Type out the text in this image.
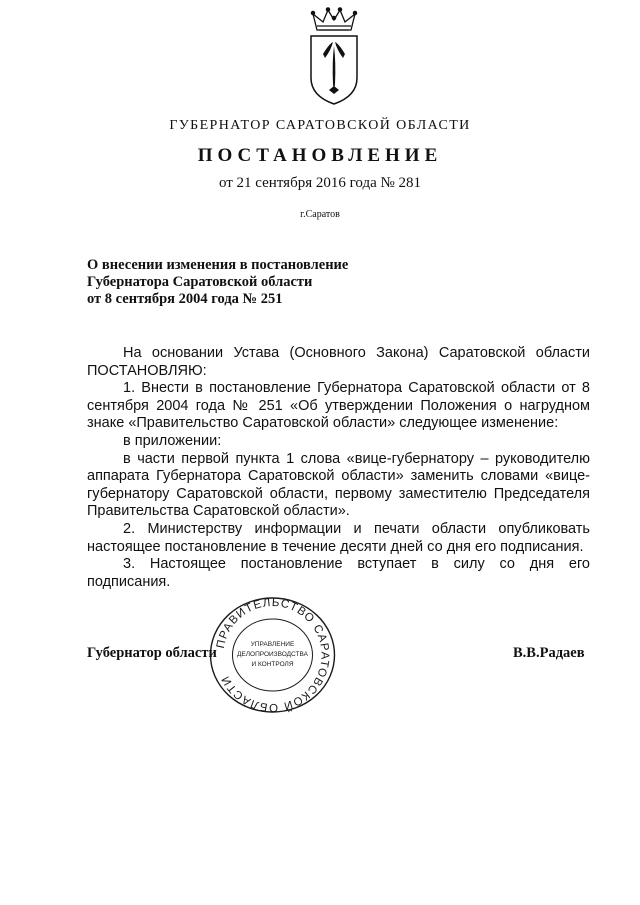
ГУБЕРНАТОР САРАТОВСКОЙ ОБЛАСТИ
ПОСТАНОВЛЕНИЕ
от 21 сентября 2016 года № 281
г.Саратов
О внесении изменения в постановление
Губернатора Саратовской области
от 8 сентября 2004 года № 251

На основании Устава (Основного Закона) Саратовской области ПОСТАНОВЛЯЮ:

1. Внести в постановление Губернатора Саратовской области от 8 сентября 2004 года № 251 «Об утверждении Положения о нагрудном знаке «Правительство Саратовской области» следующее изменение:

в приложении:

в части первой пункта 1 слова «вице-губернатору – руководителю аппарата Губернатора Саратовской области» заменить словами «вице-губернатору Саратовской области, первому заместителю Председателя Правительства Саратовской области».

2. Министерству информации и печати области опубликовать настоящее постановление в течение десяти дней со дня его подписания.

3. Настоящее постановление вступает в силу со дня его подписания.

ПРАВИТЕЛЬСТВО САРАТОВСКОЙ ОБЛАСТИ
УПРАВЛЕНИЕ
ДЕЛОПРОИЗВОДСТВА
И КОНТРОЛЯ
Губернатор области	В.В.Радаев
